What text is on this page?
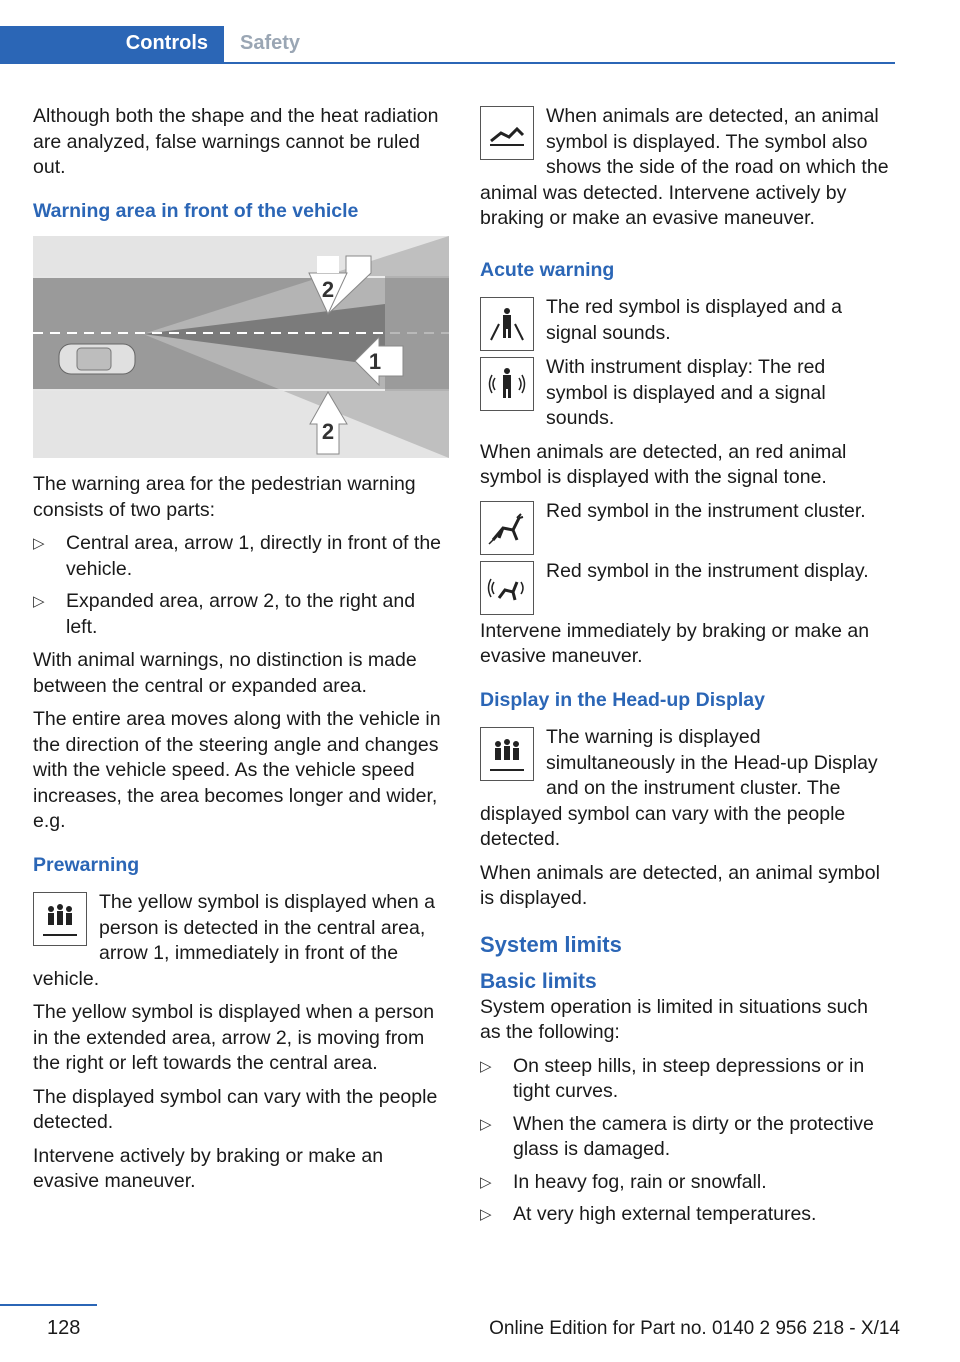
Controls Safety

Although both the shape and the heat radiation are analyzed, false warnings cannot be ruled out.

Warning area in front of the vehicle
2
1
2

The warning area for the pedestrian warning consists of two parts:

▷ Central area, arrow 1, directly in front of the vehicle.
▷ Expanded area, arrow 2, to the right and left.

With animal warnings, no distinction is made between the central or expanded area.

The entire area moves along with the vehicle in the direction of the steering angle and changes with the vehicle speed. As the vehicle speed increases, the area becomes longer and wider, e.g.

Prewarning

The yellow symbol is displayed when a person is detected in the central area, arrow 1, immediately in front of the vehicle.

The yellow symbol is displayed when a person in the extended area, arrow 2, is moving from the right or left towards the central area.

The displayed symbol can vary with the people detected.

Intervene actively by braking or make an evasive maneuver.

When animals are detected, an animal symbol is displayed. The symbol also shows the side of the road on which the animal was detected. Intervene actively by braking or make an evasive maneuver.

Acute warning

The red symbol is displayed and a signal sounds.

With instrument display: The red symbol is displayed and a signal sounds.

When animals are detected, an red animal symbol is displayed with the signal tone.

Red symbol in the instrument cluster.

Red symbol in the instrument display.

Intervene immediately by braking or make an evasive maneuver.

Display in the Head-up Display

The warning is displayed simultaneously in the Head-up Display and on the instrument cluster. The displayed symbol can vary with the people detected.

When animals are detected, an animal symbol is displayed.

System limits
Basic limits

System operation is limited in situations such as the following:

▷ On steep hills, in steep depressions or in tight curves.
▷ When the camera is dirty or the protective glass is damaged.
▷ In heavy fog, rain or snowfall.
▷ At very high external temperatures.
128	Online Edition for Part no. 0140 2 956 218 - X/14
